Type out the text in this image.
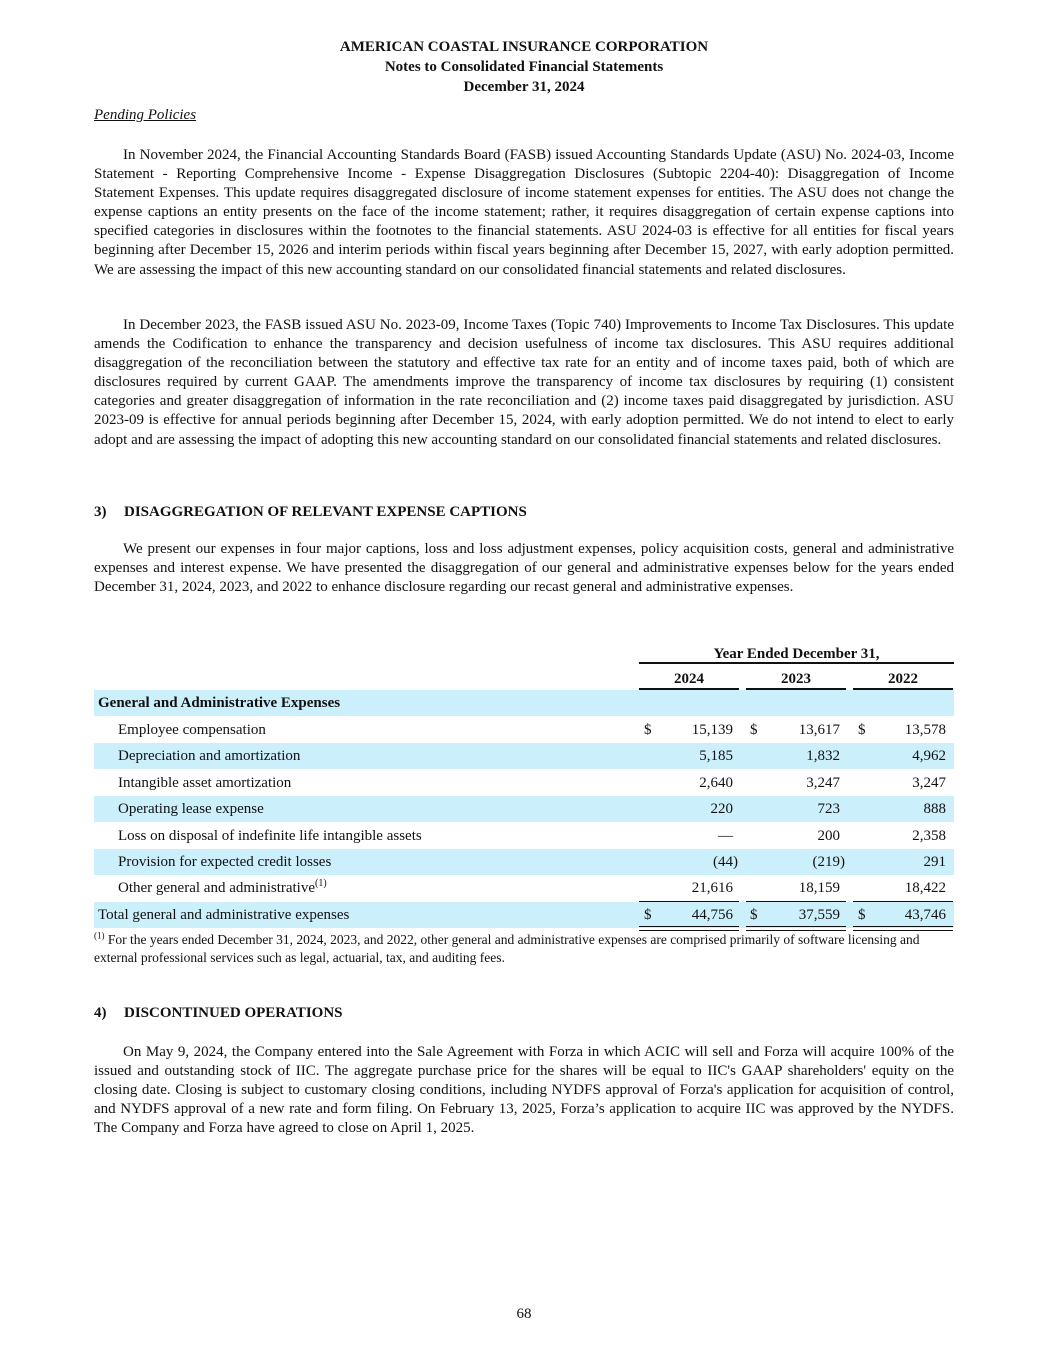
AMERICAN COASTAL INSURANCE CORPORATION
Notes to Consolidated Financial Statements
December 31, 2024
Pending Policies
In November 2024, the Financial Accounting Standards Board (FASB) issued Accounting Standards Update (ASU) No. 2024-03, Income Statement - Reporting Comprehensive Income - Expense Disaggregation Disclosures (Subtopic 2204-40): Disaggregation of Income Statement Expenses. This update requires disaggregated disclosure of income statement expenses for entities. The ASU does not change the expense captions an entity presents on the face of the income statement; rather, it requires disaggregation of certain expense captions into specified categories in disclosures within the footnotes to the financial statements. ASU 2024-03 is effective for all entities for fiscal years beginning after December 15, 2026 and interim periods within fiscal years beginning after December 15, 2027, with early adoption permitted. We are assessing the impact of this new accounting standard on our consolidated financial statements and related disclosures.
In December 2023, the FASB issued ASU No. 2023-09, Income Taxes (Topic 740) Improvements to Income Tax Disclosures. This update amends the Codification to enhance the transparency and decision usefulness of income tax disclosures. This ASU requires additional disaggregation of the reconciliation between the statutory and effective tax rate for an entity and of income taxes paid, both of which are disclosures required by current GAAP. The amendments improve the transparency of income tax disclosures by requiring (1) consistent categories and greater disaggregation of information in the rate reconciliation and (2) income taxes paid disaggregated by jurisdiction. ASU 2023-09 is effective for annual periods beginning after December 15, 2024, with early adoption permitted. We do not intend to elect to early adopt and are assessing the impact of adopting this new accounting standard on our consolidated financial statements and related disclosures.
3) DISAGGREGATION OF RELEVANT EXPENSE CAPTIONS
We present our expenses in four major captions, loss and loss adjustment expenses, policy acquisition costs, general and administrative expenses and interest expense. We have presented the disaggregation of our general and administrative expenses below for the years ended December 31, 2024, 2023, and 2022 to enhance disclosure regarding our recast general and administrative expenses.
Year Ended December 31,
2024	2023	2022
General and Administrative Expenses
Employee compensation	$	15,139 $	13,617 $	13,578
Depreciation and amortization	5,185	1,832	4,962
Intangible asset amortization	2,640	3,247	3,247
Operating lease expense	220	723	888
Loss on disposal of indefinite life intangible assets	—	200	2,358
Provision for expected credit losses	(44)	(219)	291
Other general and administrative$^{(1)}$	21,616	18,159	18,422
Total general and administrative expenses	$	44,756 $	37,559 $	43,746
$^{(1)}$ For the years ended December 31, 2024, 2023, and 2022, other general and administrative expenses are comprised primarily of software licensing and external professional services such as legal, actuarial, tax, and auditing fees.
4) DISCONTINUED OPERATIONS
On May 9, 2024, the Company entered into the Sale Agreement with Forza in which ACIC will sell and Forza will acquire 100% of the issued and outstanding stock of IIC. The aggregate purchase price for the shares will be equal to IIC's GAAP shareholders' equity on the closing date. Closing is subject to customary closing conditions, including NYDFS approval of Forza's application for acquisition of control, and NYDFS approval of a new rate and form filing. On February 13, 2025, Forza’s application to acquire IIC was approved by the NYDFS. The Company and Forza have agreed to close on April 1, 2025.
68
